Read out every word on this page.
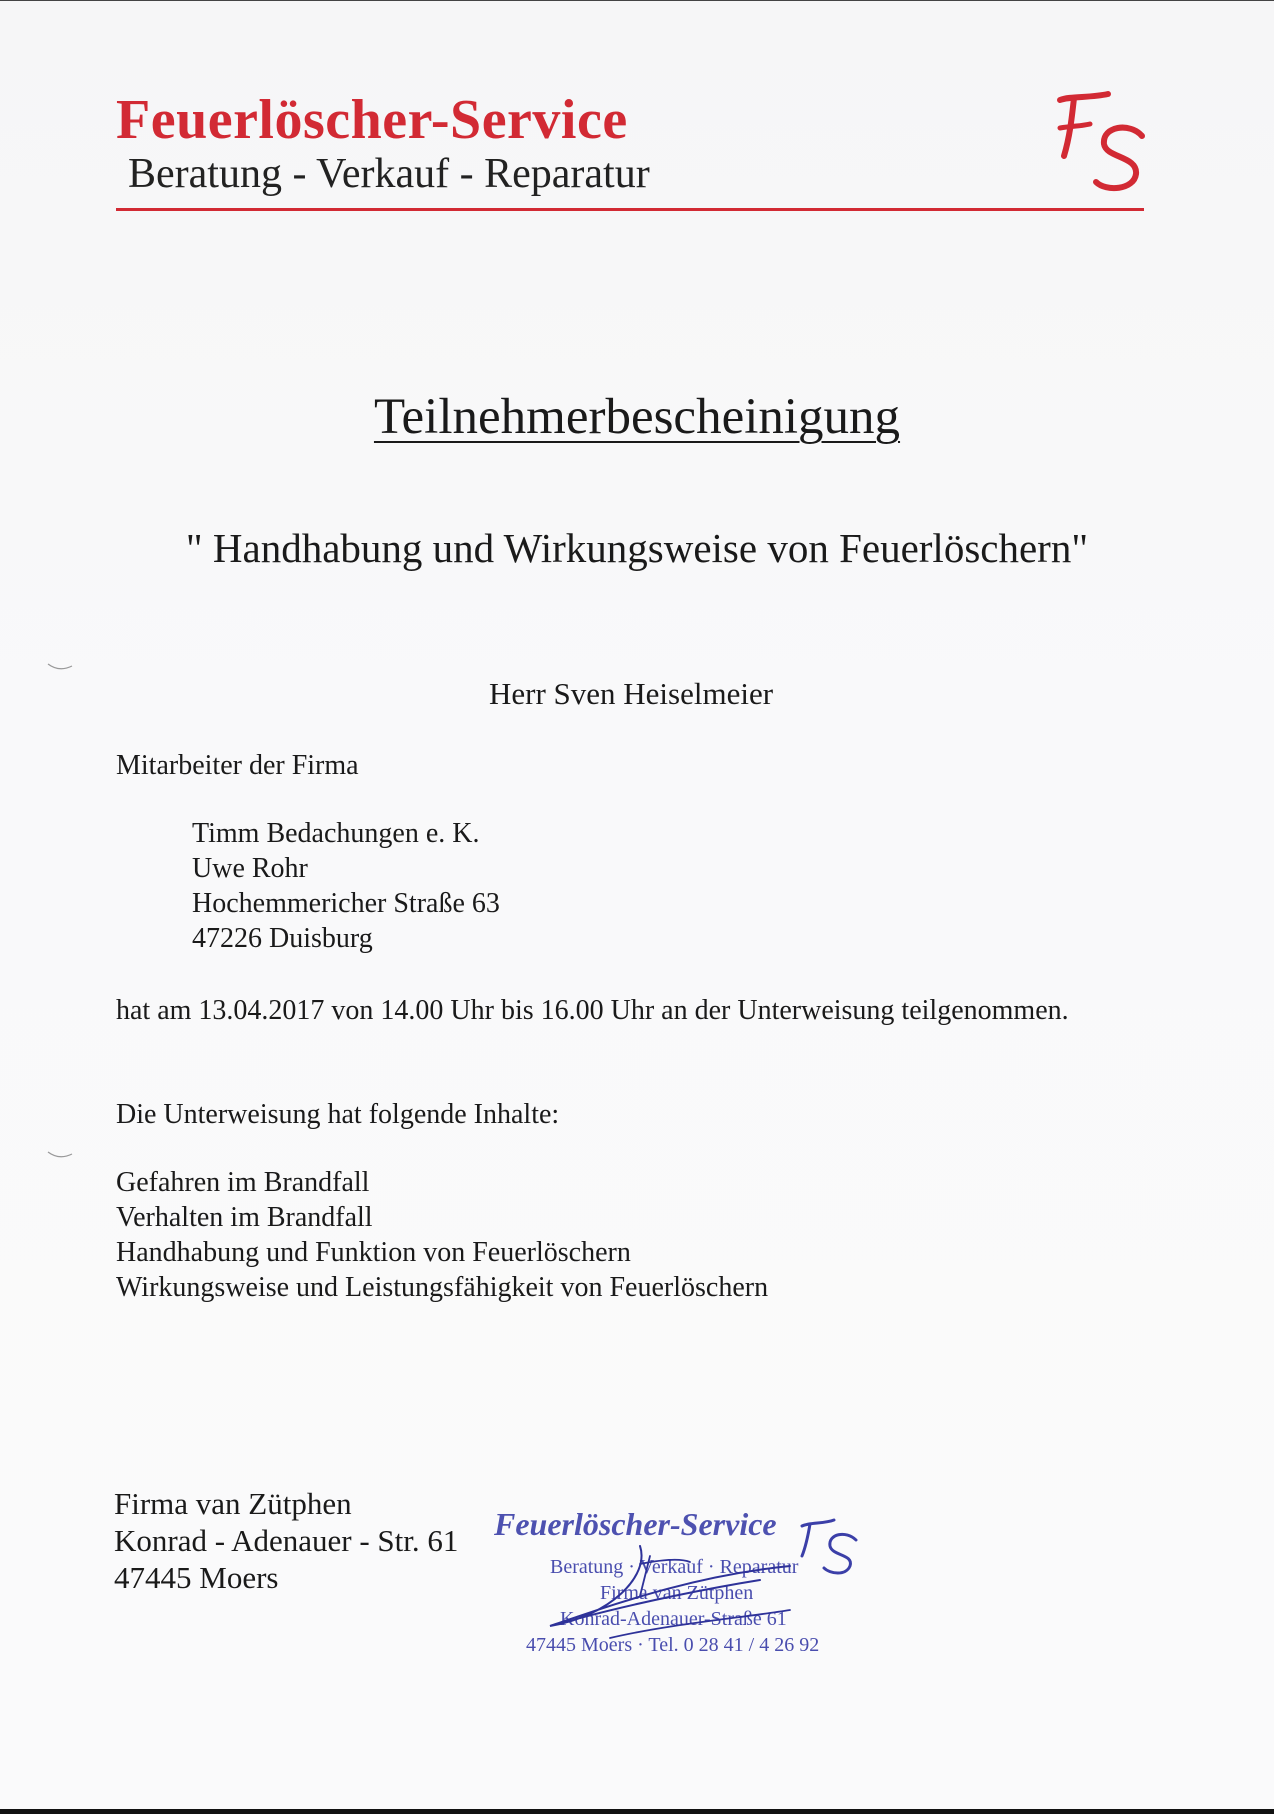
Feuerlöscher-Service
Beratung - Verkauf - Reparatur
Teilnehmerbescheinigung
" Handhabung und Wirkungsweise von Feuerlöschern"
Herr Sven Heiselmeier
Mitarbeiter der Firma
Timm Bedachungen e. K.
Uwe Rohr
Hochemmericher Straße 63
47226 Duisburg
hat am 13.04.2017 von 14.00 Uhr bis 16.00 Uhr an der Unterweisung teilgenommen.
Die Unterweisung hat folgende Inhalte:
Gefahren im Brandfall
Verhalten im Brandfall
Handhabung und Funktion von Feuerlöschern
Wirkungsweise und Leistungsfähigkeit von Feuerlöschern
Firma van Zütphen
Konrad - Adenauer - Str. 61
47445 Moers
Feuerlöscher-Service
Beratung · Verkauf · Reparatur
Firma van Zütphen
Konrad-Adenauer-Straße 61
47445 Moers · Tel. 0 28 41 / 4 26 92
